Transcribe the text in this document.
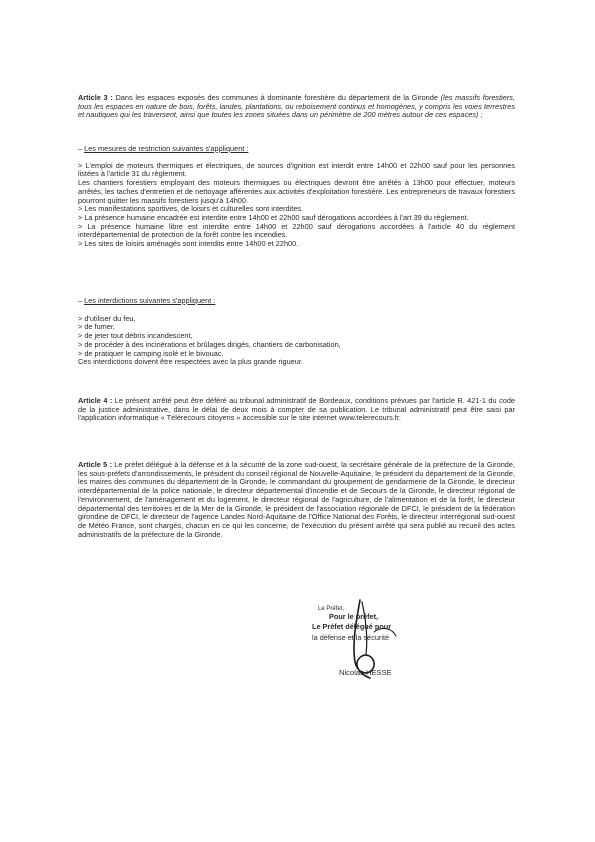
Article 3 : Dans les espaces exposés des communes à dominante forestière du département de la Gironde (les massifs forestiers, tous les espaces en nature de bois, forêts, landes, plantations, ou reboisement continus et homogènes, y compris les voies terrestres et nautiques qui les traversent, ainsi que toutes les zones situées dans un périmètre de 200 mètres autour de ces espaces) ;

– Les mesures de restriction suivantes s'appliquent :

> L'emploi de moteurs thermiques et électriques, de sources d'ignition est interdit entre 14h00 et 22h00 sauf pour les personnes listées à l'article 31 du règlement.

Les chantiers forestiers employant des moteurs thermiques ou électriques devront être arrêtés à 13h00 pour effectuer, moteurs arrêtés, les taches d'entretien et de nettoyage afférentes aux activités d'exploitation forestière. Les entrepreneurs de travaux forestiers pourront quitter les massifs forestiers jusqu'à 14h00.

> Les manifestations sportives, de loisirs et culturelles sont interdites.

> La présence humaine encadrée est interdite entre 14h00 et 22h00 sauf dérogations accordées à l'art 39 du règlement.

> La présence humaine libre est interdite entre 14h00 et 22h00 sauf dérogations accordées à l'article 40 du règlement interdépartemental de protection de la forêt contre les incendies.

> Les sites de loisirs aménagés sont interdits entre 14h00 et 22h00.

– Les interdictions suivantes s'appliquent :

> d'utiliser du feu,

> de fumer,

> de jeter tout débris incandescent,

> de procéder à des incinérations et brûlages dirigés, chantiers de carbonisation,

> de pratiquer le camping isolé et le bivouac.

Ces interdictions doivent être respectées avec la plus grande rigueur.

Article 4 : Le présent arrêté peut être déféré au tribunal administratif de Bordeaux, conditions prévues par l'article R. 421-1 du code de la justice administrative, dans le délai de deux mois à compter de sa publication. Le tribunal administratif peut être saisi par l'application informatique « Télérecours citoyens » accessible sur le site internet www.telerecours.fr.

Article 5 : Le préfet délégué à la défense et à la sécurité de la zone sud-ouest, la secrétaire générale de la préfecture de la Gironde, les sous-préfets d'arrondissements, le président du conseil régional de Nouvelle-Aquitaine, le président du département de la Gironde, les maires des communes du département de la Gironde, le commandant du groupement de gendarmerie de la Gironde, le directeur interdépartemental de la police nationale, le directeur départemental d'incendie et de Secours de la Gironde, le directeur régional de l'environnement, de l'aménagement et du logement, le directeur régional de l'agriculture, de l'alimentation et de la forêt, le directeur départemental des territoires et de la Mer de la Gironde, le président de l'association régionale de DFCI, le président de la fédération girondine de DFCI, le directeur de l'agence Landes Nord-Aquitaine de l'Office National des Forêts, le directeur interrégional sud-ouest de Météo France, sont chargés, chacun en ce qui les concerne, de l'exécution du présent arrêté qui sera publié au recueil des actes administratifs de la préfecture de la Gironde.

Le Préfet,
Pour le préfet,
Le Préfet délégué pour
la défense et la sécurité
Nicolas HESSE
